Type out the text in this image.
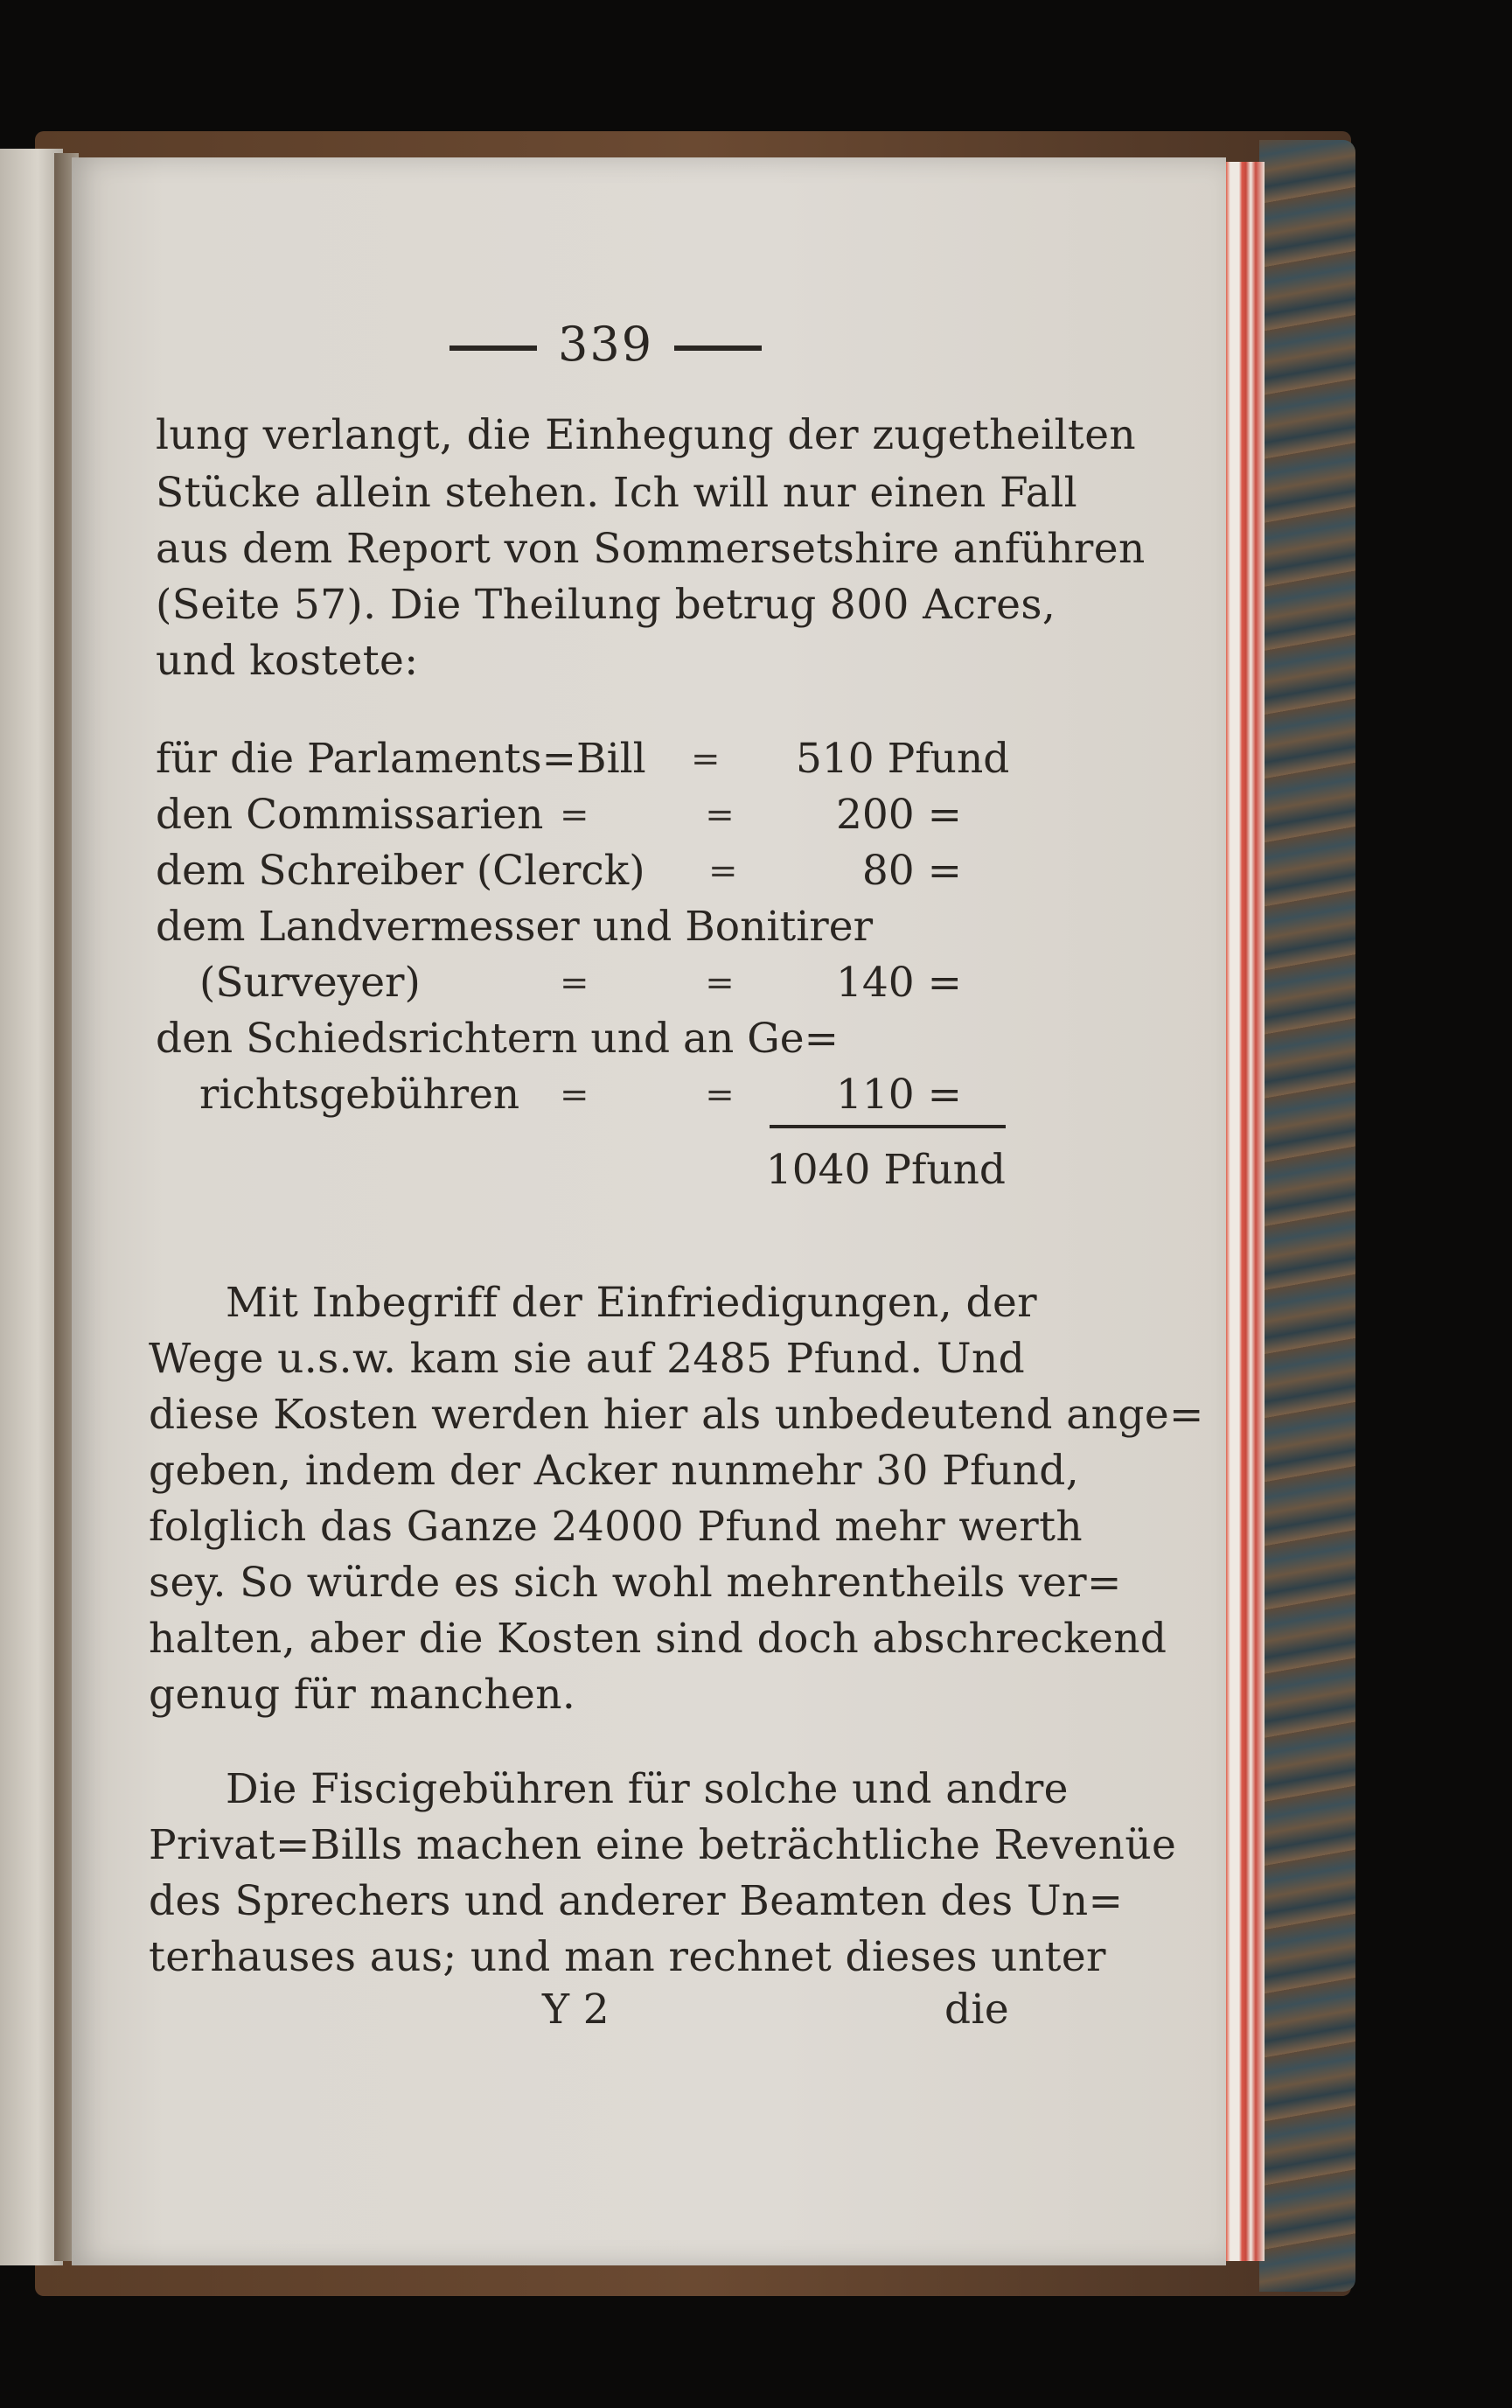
339
lung verlangt, die Einhegung der zugetheilten
Stücke allein stehen. Ich will nur einen Fall
aus dem Report von Sommersetshire anführen
(Seite 57). Die Theilung betrug 800 Acres,
und kostete:
für die Parlaments=Bill = 510 Pfund
den Commissarien = =	200 =
dem Schreiber (Clerck) =	80 =
dem Landvermesser und Bonitirer
(Surveyer)	= =	140 =
den Schiedsrichtern und an Ge=
richtsgebühren = =	110 =
1040 Pfund
Mit Inbegriff der Einfriedigungen, der
Wege u.s.w. kam sie auf 2485 Pfund. Und
diese Kosten werden hier als unbedeutend ange=
geben, indem der Acker nunmehr 30 Pfund,
folglich das Ganze 24000 Pfund mehr werth
sey. So würde es sich wohl mehrentheils ver=
halten, aber die Kosten sind doch abschreckend
genug für manchen.
Die Fiscigebühren für solche und andre
Privat=Bills machen eine beträchtliche Revenüe
des Sprechers und anderer Beamten des Un=
terhauses aus; und man rechnet dieses unter
Y 2	die
